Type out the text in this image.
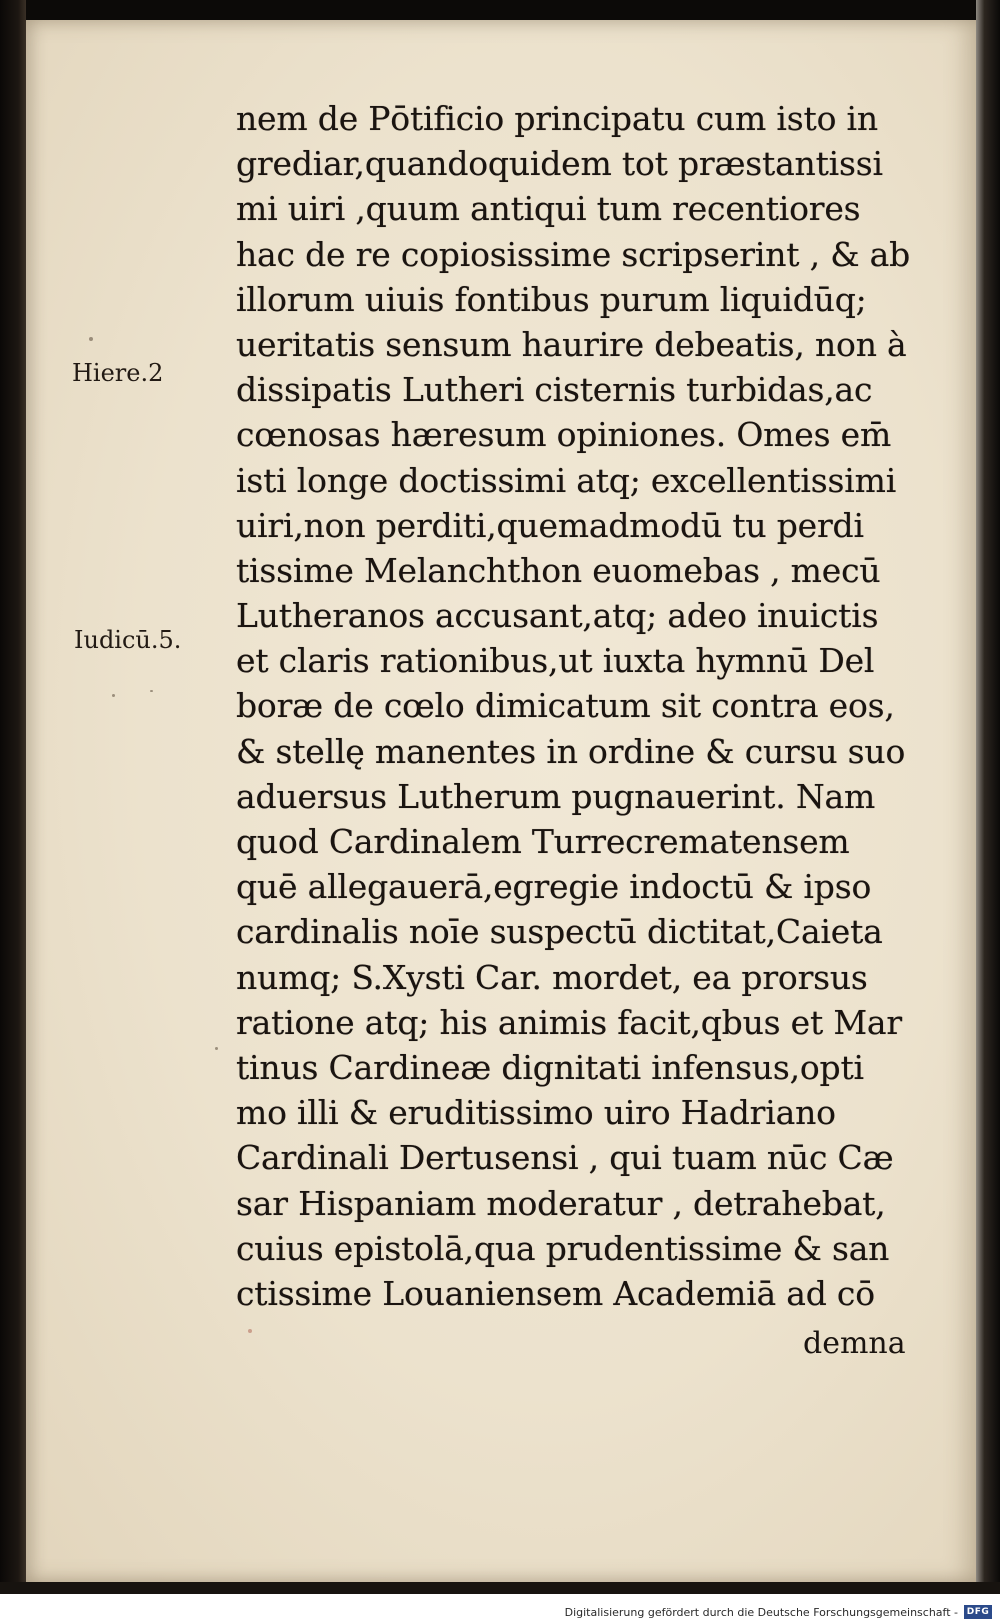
Hiere.2
Iudicū.5.
nem de Pōtificio principatu cum isto in
grediar,quandoquidem tot præstantissi
mi uiri ,quum antiqui tum recentiores
hac de re copiosissime scripserint , & ab
illorum uiuis fontibus purum liquidūq;
ueritatis sensum haurire debeatis, non à
dissipatis Lutheri cisternis turbidas,ac
cœnosas hæresum opiniones. Omes em̄
isti longe doctissimi atq; excellentissimi
uiri,non perditi,quemadmodū tu perdi
tissime Melanchthon euomebas , mecū
Lutheranos accusant,atq; adeo inuictis
et claris rationibus,ut iuxta hymnū Del
boræ de cœlo dimicatum sit contra eos,
& stellę manentes in ordine & cursu suo
aduersus Lutherum pugnauerint. Nam
quod Cardinalem Turrecrematensem
quē allegauerā,egregie indoctū & ipso
cardinalis noīe suspectū dictitat,Caieta
numq; S.Xysti Car. mordet, ea prorsus
ratione atq; his animis facit,qbus et Mar
tinus Cardineæ dignitati infensus,opti
mo illi & eruditissimo uiro Hadriano
Cardinali Dertusensi , qui tuam nūc Cæ
sar Hispaniam moderatur , detrahebat,
cuius epistolā,qua prudentissime & san
ctissime Louaniensem Academiā ad cō
demna
Digitalisierung gefördert durch die Deutsche Forschungsgemeinschaft - DFG
